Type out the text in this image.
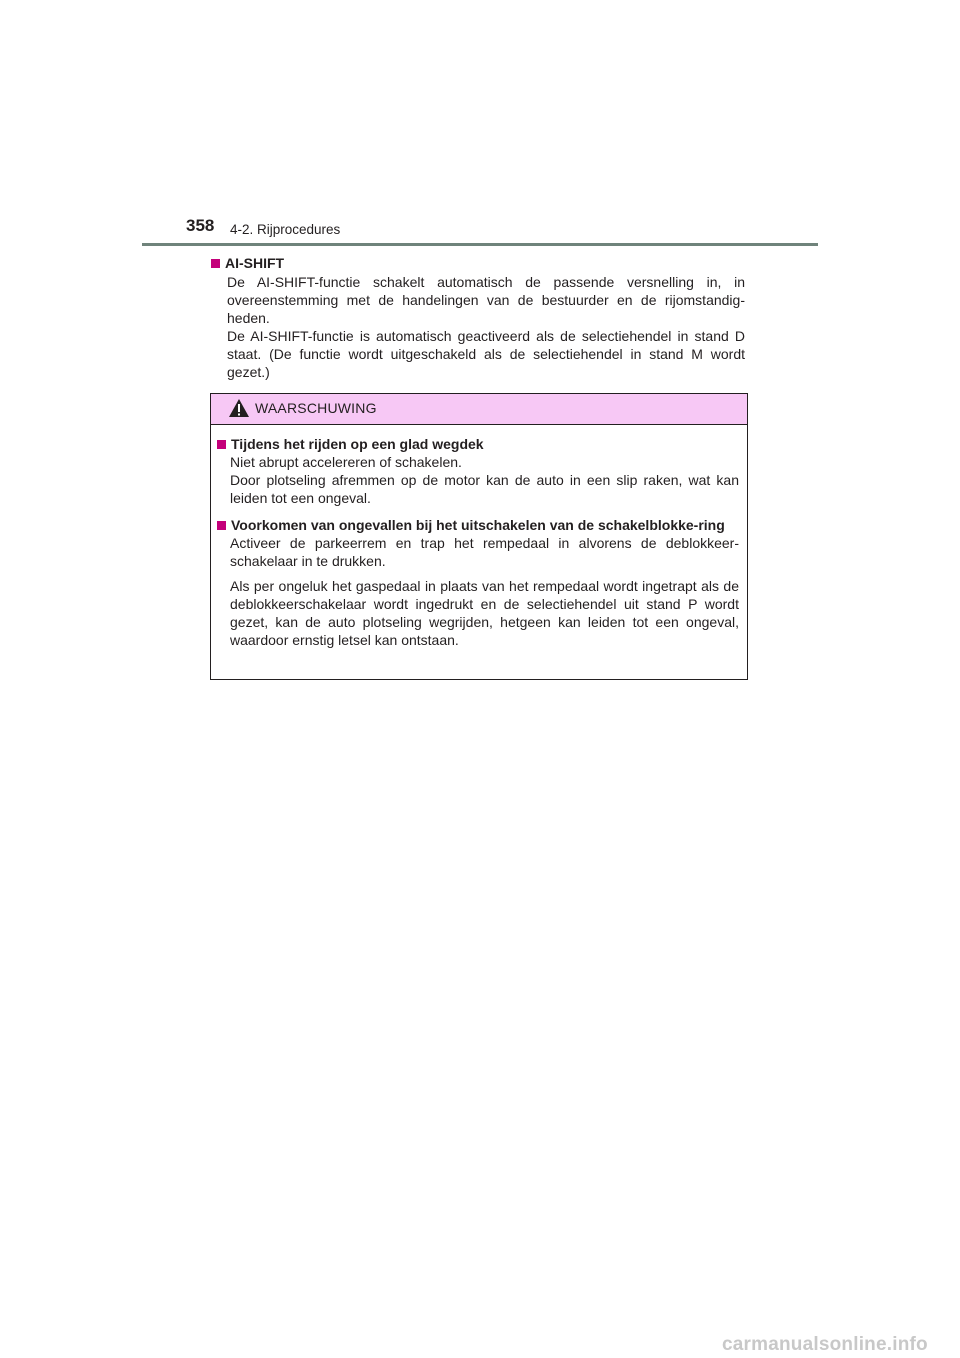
358 4-2. Rijprocedures
AI-SHIFT

De AI-SHIFT-functie schakelt automatisch de passende versnelling in, in overeenstemming met de handelingen van de bestuurder en de rijomstandig-heden.

De AI-SHIFT-functie is automatisch geactiveerd als de selectiehendel in stand D staat. (De functie wordt uitgeschakeld als de selectiehendel in stand M wordt gezet.)

WAARSCHUWING
Tijdens het rijden op een glad wegdek

Niet abrupt accelereren of schakelen.
Door plotseling afremmen op de motor kan de auto in een slip raken, wat kan leiden tot een ongeval.

Voorkomen van ongevallen bij het uitschakelen van de schakelblokke-ring

Activeer de parkeerrem en trap het rempedaal in alvorens de deblokkeer-schakelaar in te drukken.

Als per ongeluk het gaspedaal in plaats van het rempedaal wordt ingetrapt als de deblokkeerschakelaar wordt ingedrukt en de selectiehendel uit stand P wordt gezet, kan de auto plotseling wegrijden, hetgeen kan leiden tot een ongeval, waardoor ernstig letsel kan ontstaan.

carmanualsonline.info
